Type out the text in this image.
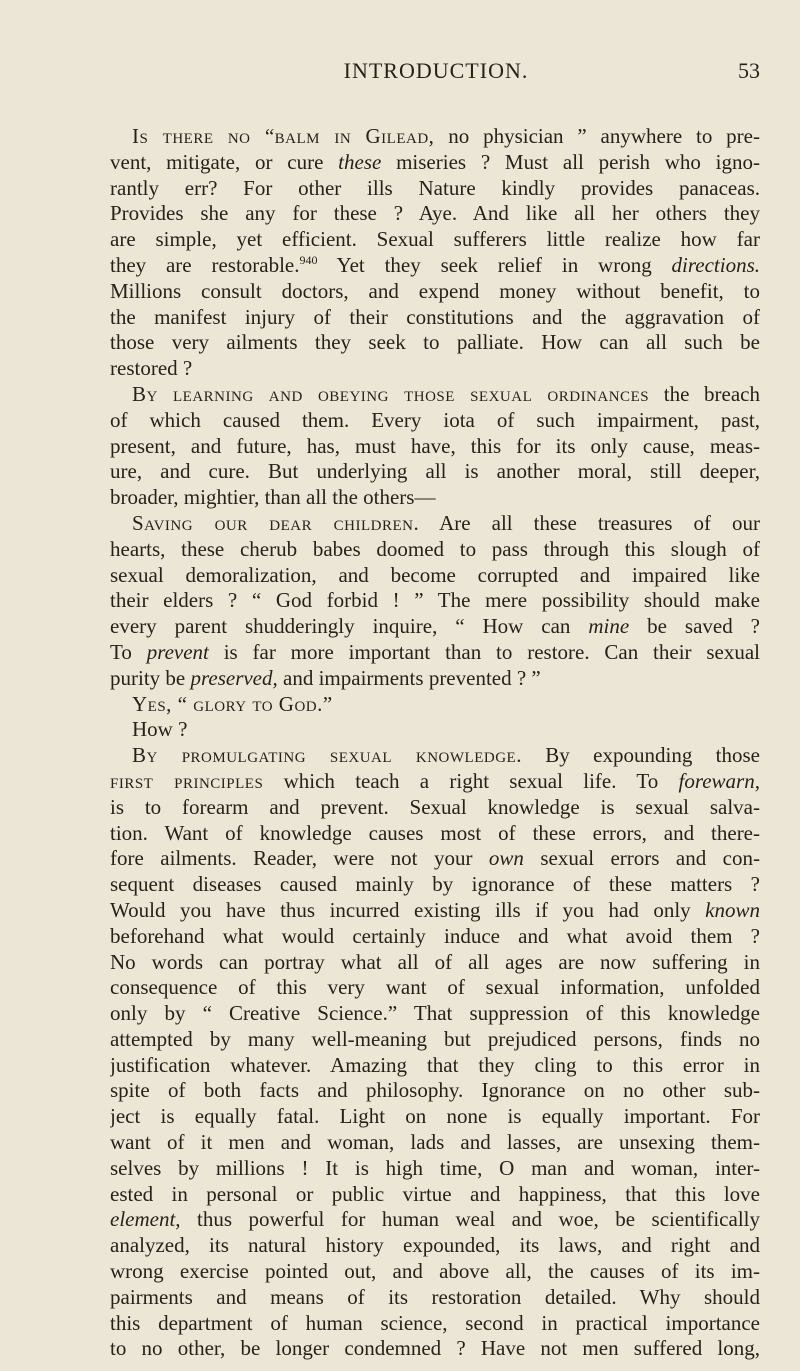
INTRODUCTION.	53
Is there no “balm in Gilead, no physician ” anywhere to pre-
vent, mitigate, or cure these miseries ? Must all perish who igno-
rantly err? For other ills Nature kindly provides panaceas.
Provides she any for these ? Aye. And like all her others they
are simple, yet efficient. Sexual sufferers little realize how far
they are restorable.$^{940}$ Yet they seek relief in wrong directions.
Millions consult doctors, and expend money without benefit, to
the manifest injury of their constitutions and the aggravation of
those very ailments they seek to palliate. How can all such be
restored ?
By learning and obeying those sexual ordinances the breach
of which caused them. Every iota of such impairment, past,
present, and future, has, must have, this for its only cause, meas-
ure, and cure. But underlying all is another moral, still deeper,
broader, mightier, than all the others—
Saving our dear children. Are all these treasures of our
hearts, these cherub babes doomed to pass through this slough of
sexual demoralization, and become corrupted and impaired like
their elders ? “ God forbid ! ” The mere possibility should make
every parent shudderingly inquire, “ How can mine be saved ?
To prevent is far more important than to restore. Can their sexual
purity be preserved, and impairments prevented ? ”
Yes, “ glory to God.”
How ?
By promulgating sexual knowledge. By expounding those
first principles which teach a right sexual life. To forewarn,
is to forearm and prevent. Sexual knowledge is sexual salva-
tion. Want of knowledge causes most of these errors, and there-
fore ailments. Reader, were not your own sexual errors and con-
sequent diseases caused mainly by ignorance of these matters ?
Would you have thus incurred existing ills if you had only known
beforehand what would certainly induce and what avoid them ?
No words can portray what all of all ages are now suffering in
consequence of this very want of sexual information, unfolded
only by “ Creative Science.” That suppression of this knowledge
attempted by many well-meaning but prejudiced persons, finds no
justification whatever. Amazing that they cling to this error in
spite of both facts and philosophy. Ignorance on no other sub-
ject is equally fatal. Light on none is equally important. For
want of it men and woman, lads and lasses, are unsexing them-
selves by millions ! It is high time, O man and woman, inter-
ested in personal or public virtue and happiness, that this love
element, thus powerful for human weal and woe, be scientifically
analyzed, its natural history expounded, its laws, and right and
wrong exercise pointed out, and above all, the causes of its im-
pairments and means of its restoration detailed. Why should
this department of human science, second in practical importance
to no other, be longer condemned ? Have not men suffered long,
